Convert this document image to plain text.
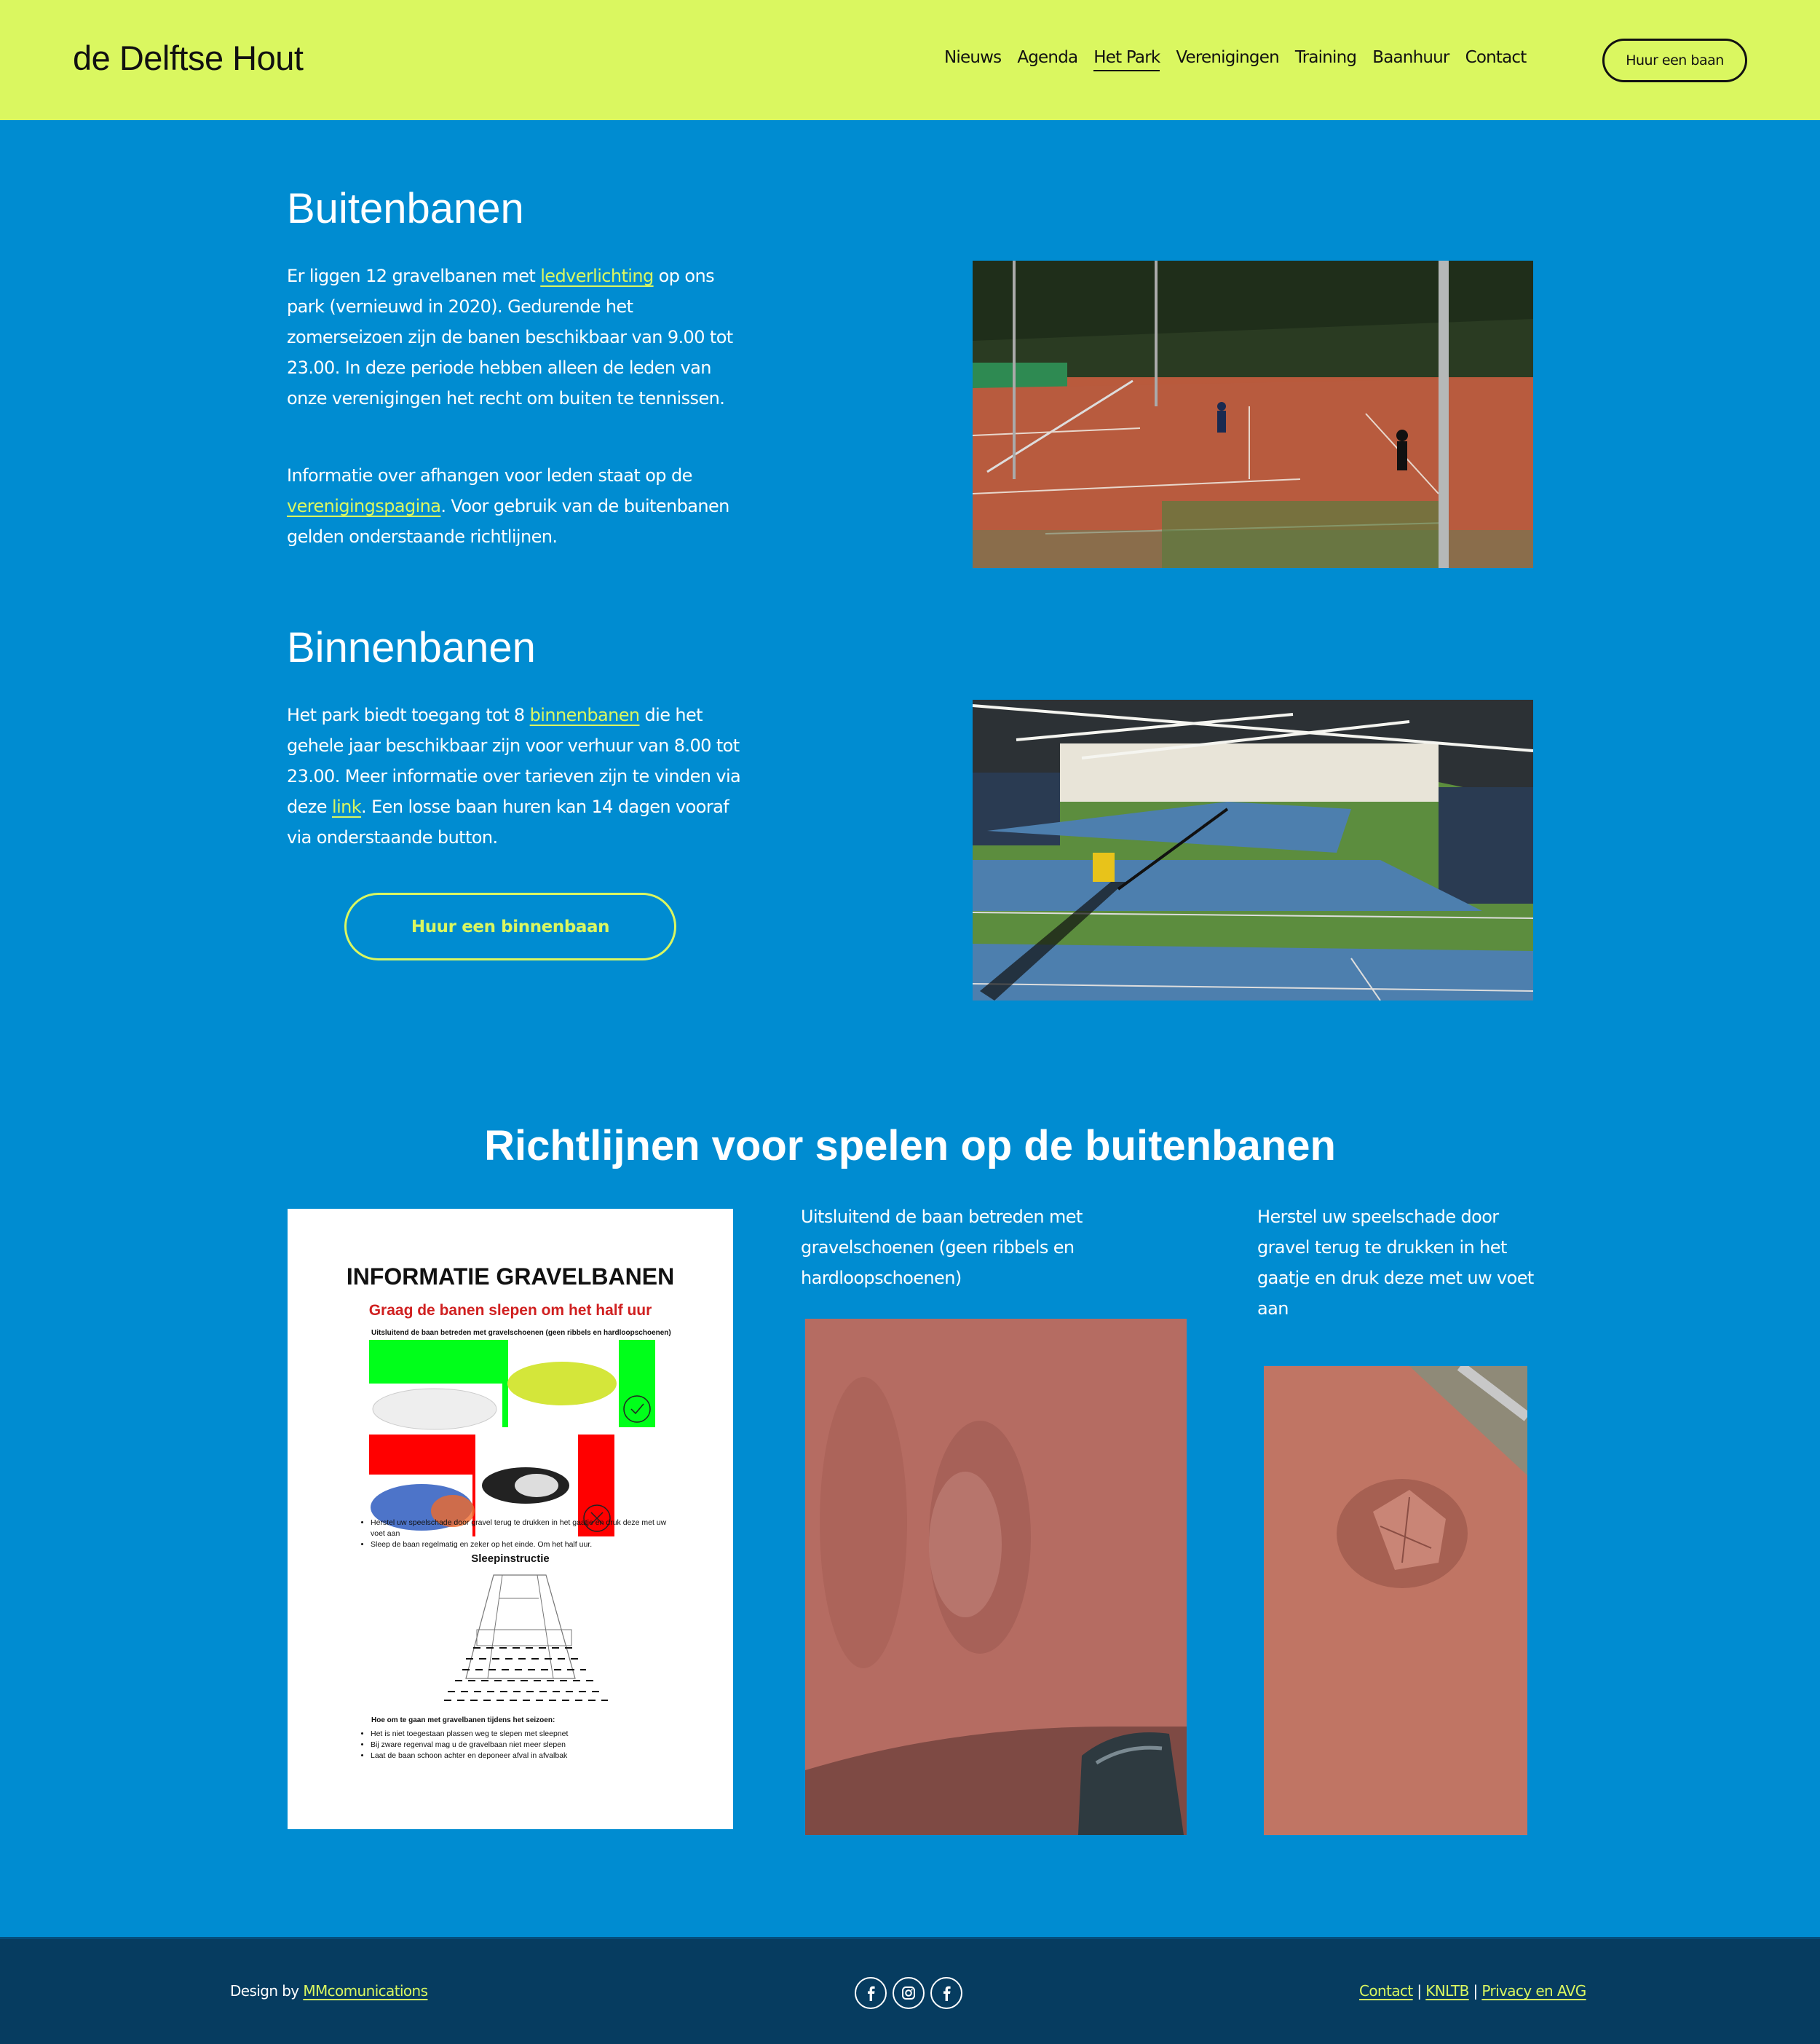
de Delftse Hout	Nieuws Agenda Het Park Verenigingen Training Baanhuur Contact	Huur een baan
Buitenbanen

Er liggen 12 gravelbanen met ledverlichting op ons park (vernieuwd in 2020). Gedurende het zomerseizoen zijn de banen beschikbaar van 9.00 tot 23.00. In deze periode hebben alleen de leden van onze verenigingen het recht om buiten te tennissen.

Informatie over afhangen voor leden staat op de verenigingspagina. Voor gebruik van de buitenbanen gelden onderstaande richtlijnen.

Binnenbanen

Het park biedt toegang tot 8 binnenbanen die het gehele jaar beschikbaar zijn voor verhuur van 8.00 tot 23.00. Meer informatie over tarieven zijn te vinden via deze link. Een losse baan huren kan 14 dagen vooraf via onderstaande button.

Huur een binnenbaan
Richtlijnen voor spelen op de buitenbanen
INFORMATIE GRAVELBANEN
Graag de banen slepen om het half uur
Uitsluitend de baan betreden met gravelschoenen (geen ribbels en hardloopschoenen)
• Herstel uw speelschade door gravel terug te drukken in het gaatje en druk deze met uw voet aan
• Sleep de baan regelmatig en zeker op het einde. Om het half uur.
Sleepinstructie
Hoe om te gaan met gravelbanen tijdens het seizoen:
• Het is niet toegestaan plassen weg te slepen met sleepnet
• Bij zware regenval mag u de gravelbaan niet meer slepen
• Laat de baan schoon achter en deponeer afval in afvalbak

Uitsluitend de baan betreden met gravelschoenen (geen ribbels en hardloopschoenen)

Herstel uw speelschade door gravel terug te drukken in het gaatje en druk deze met uw voet aan

Design by MMcomunications	Contact | KNLTB | Privacy en AVG
